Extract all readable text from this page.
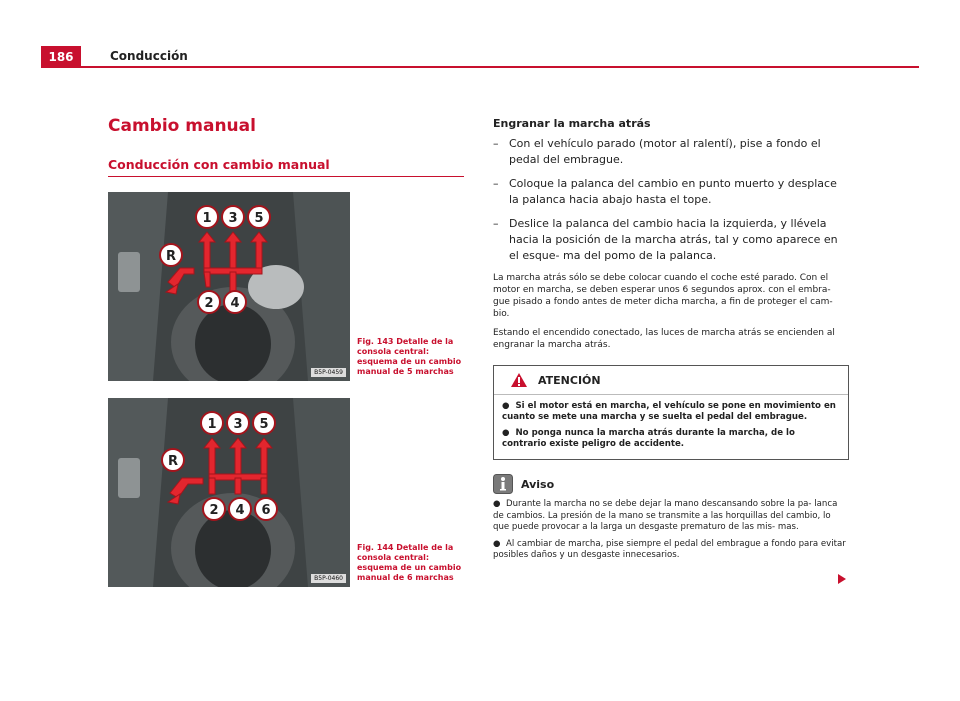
186	Conducción
Cambio manual
Conducción con cambio manual
1 3 5
R
2 4
B5P-0459
Fig. 143 Detalle de la consola central: esquema de un cambio manual de 5 marchas
1 3 5
R
2 4 6
B5P-0460
Fig. 144 Detalle de la consola central: esquema de un cambio manual de 6 marchas
Engranar la marcha atrás
– Con el vehículo parado (motor al ralentí), pise a fondo el pedal del embrague.
– Coloque la palanca del cambio en punto muerto y desplace la palanca hacia abajo hasta el tope.
– Deslice la palanca del cambio hacia la izquierda, y llévela hacia la posición de la marcha atrás, tal y como aparece en el esque- ma del pomo de la palanca.

La marcha atrás sólo se debe colocar cuando el coche esté parado. Con el motor en marcha, se deben esperar unos 6 segundos aprox. con el embra- gue pisado a fondo antes de meter dicha marcha, a fin de proteger el cam- bio.

Estando el encendido conectado, las luces de marcha atrás se encienden al engranar la marcha atrás.

ATENCIÓN

● Si el motor está en marcha, el vehículo se pone en movimiento en cuanto se mete una marcha y se suelta el pedal del embrague.

● No ponga nunca la marcha atrás durante la marcha, de lo contrario existe peligro de accidente.

Aviso

● Durante la marcha no se debe dejar la mano descansando sobre la pa- lanca de cambios. La presión de la mano se transmite a las horquillas del cambio, lo que puede provocar a la larga un desgaste prematuro de las mis- mas.

● Al cambiar de marcha, pise siempre el pedal del embrague a fondo para evitar posibles daños y un desgaste innecesarios.
